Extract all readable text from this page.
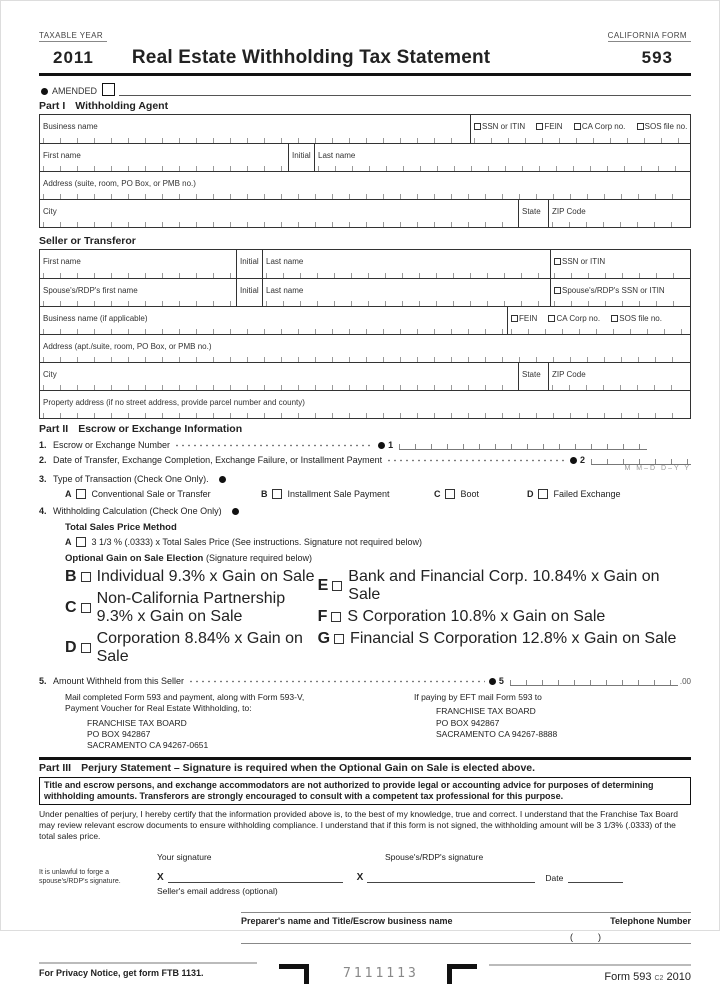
TAXABLE YEAR	CALIFORNIA FORM
2011 Real Estate Withholding Tax Statement	593
AMENDED
Part I Withholding Agent
Business name	SSN or ITIN FEIN CA Corp no. SOS file no.
First name	Initial Last name
Address (suite, room, PO Box, or PMB no.)
City	State	ZIP Code
Seller or Transferor
First name	Initial Last name	SSN or ITIN
Spouse's/RDP's first name	Initial Last name	Spouse's/RDP's SSN or ITIN
Business name (if applicable)	FEIN CA Corp no. SOS file no.
Address (apt./suite, room, PO Box, or PMB no.)
City	State	ZIP Code
Property address (if no street address, provide parcel number and county)
Part II Escrow or Exchange Information
1. Escrow or Exchange Number	1
2. Date of Transfer, Exchange Completion, Exchange Failure, or Installment Payment	2
M M–D D–Y Y
3. Type of Transaction (Check One Only).
A Conventional Sale or Transfer	B Installment Sale Payment	C Boot	D Failed Exchange
4. Withholding Calculation (Check One Only)
Total Sales Price Method
A 3 1/3 % (.0333) x Total Sales Price (See instructions. Signature not required below)
Optional Gain on Sale Election (Signature required below)
B Individual 9.3% x Gain on Sale
C
Non-California Partnership 9.3% x Gain on Sale
D
Corporation 8.84% x Gain on Sale
E
Bank and Financial Corp. 10.84% x Gain on Sale
F S Corporation 10.8% x Gain on Sale
G Financial S Corporation 12.8% x Gain on Sale
5. Amount Withheld from this Seller	5	.00
Mail completed Form 593 and payment, along with Form 593-V,
Payment Voucher for Real Estate Withholding, to:
FRANCHISE TAX BOARD
PO BOX 942867
SACRAMENTO CA 94267-0651
If paying by EFT mail Form 593 to
FRANCHISE TAX BOARD
PO BOX 942867
SACRAMENTO CA 94267-8888
Part III Perjury Statement – Signature is required when the Optional Gain on Sale is elected above.
Title and escrow persons, and exchange accommodators are not authorized to provide legal or accounting advice for purposes of determining withholding amounts. Transferors are strongly encouraged to consult with a competent tax professional for this purpose.
Under penalties of perjury, I hereby certify that the information provided above is, to the best of my knowledge, true and correct. I understand that the Franchise Tax Board may review relevant escrow documents to ensure withholding compliance. I understand that if this form is not signed, the withholding amount will be 3 1/3% (.0333) of the total sales price.
It is unlawful to forge a spouse's/RDP's signature.
Your signature	Spouse's/RDP's signature
X	X	Date
Seller's email address (optional)
Preparer's name and Title/Escrow business name	Telephone Number
(          )
For Privacy Notice, get form FTB 1131.	7111113	Form 593 C2 2010
